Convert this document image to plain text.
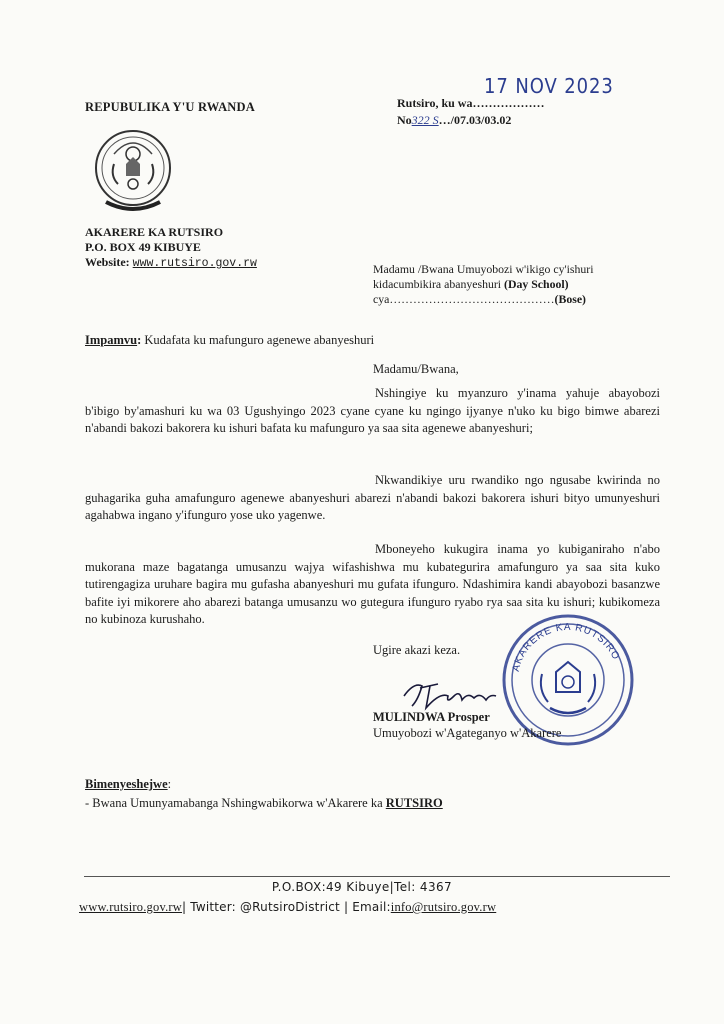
REPUBULIKA Y'U RWANDA
AKARERE KA RUTSIRO
P.O. BOX 49 KIBUYE
Website: www.rutsiro.gov.rw
17 NOV 2023
Rutsiro, ku wa………………
No322 S…/07.03/03.02
Madamu /Bwana Umuyobozi w'ikigo cy'ishuri
kidacumbikira abanyeshuri (Day School)
cya……………………………………(Bose)
Impamvu: Kudafata ku mafunguro agenewe abanyeshuri
Madamu/Bwana,
Nshingiye ku myanzuro y'inama yahuje abayobozi b'ibigo by'amashuri ku wa 03 Ugushyingo 2023 cyane cyane ku ngingo ijyanye n'uko ku bigo bimwe abarezi n'abandi bakozi bakorera ku ishuri bafata ku mafunguro ya saa sita agenewe abanyeshuri;
Nkwandikiye uru rwandiko ngo ngusabe kwirinda no guhagarika guha amafunguro agenewe abanyeshuri abarezi n'abandi bakozi bakorera ishuri bityo umunyeshuri agahabwa ingano y'ifunguro yose uko yagenwe.
Mboneyeho kukugira inama yo kubiganiraho n'abo mukorana maze bagatanga umusanzu wajya wifashishwa mu kubategurira amafunguro ya saa sita kuko tutirengagiza uruhare bagira mu gufasha abanyeshuri mu gufata ifunguro. Ndashimira kandi abayobozi basanzwe bafite iyi mikorere aho abarezi batanga umusanzu wo gutegura ifunguro ryabo rya saa sita ku ishuri; kubikomeza no kubinoza kurushaho.
Ugire akazi keza.
AKARERE KA RUTSIRO
MULINDWA Prosper
Umuyobozi w'Agateganyo w'Akarere
Bimenyeshejwe:
- Bwana Umunyamabanga Nshingwabikorwa w'Akarere ka RUTSIRO
P.O.BOX:49 Kibuye|Tel: 4367
www.rutsiro.gov.rw| Twitter: @RutsiroDistrict | Email:info@rutsiro.gov.rw
